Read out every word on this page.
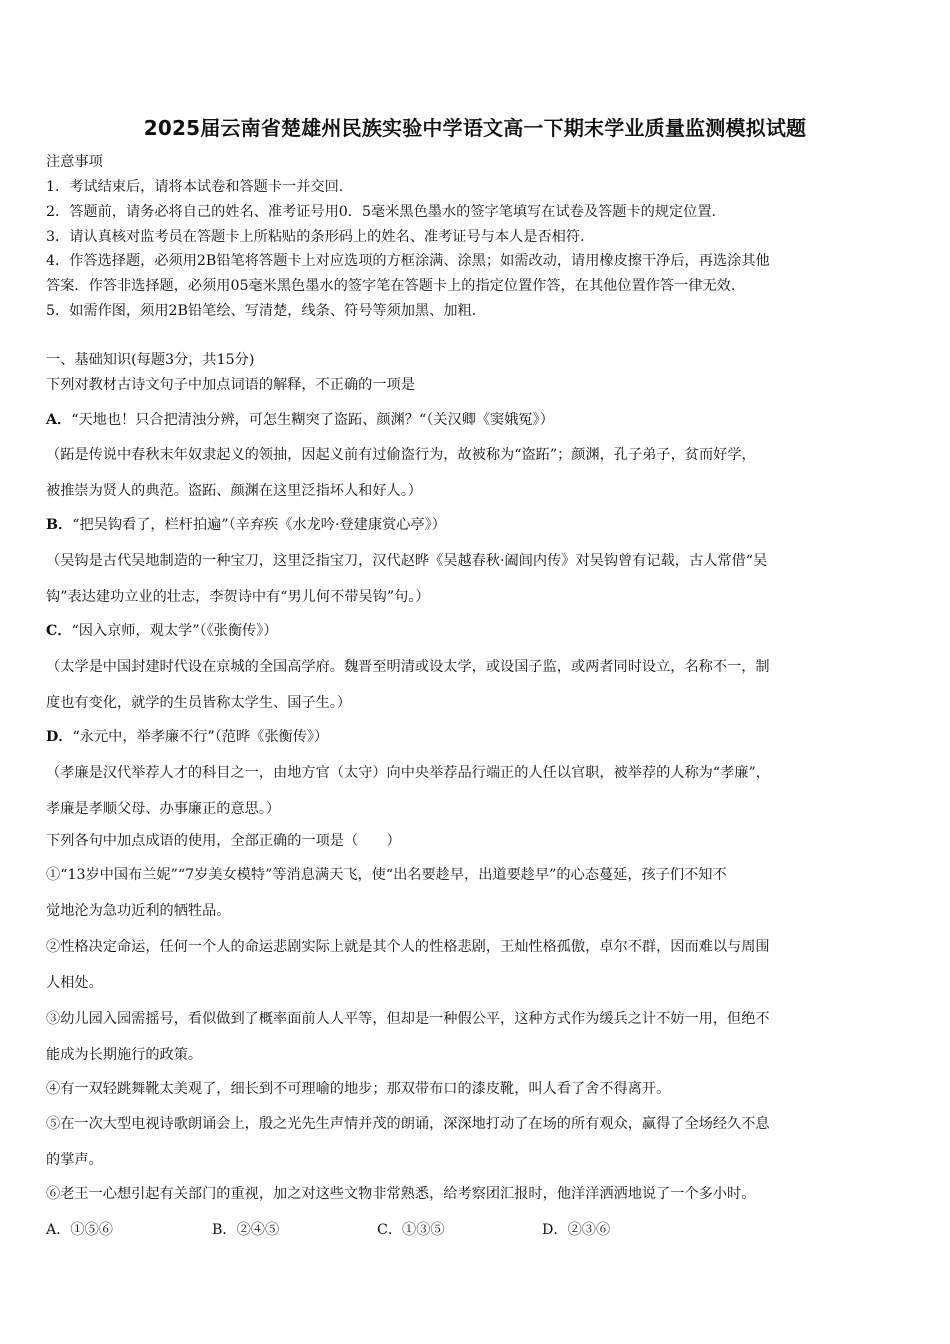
2025届云南省楚雄州民族实验中学语文高一下期末学业质量监测模拟试题
注意事项
1．考试结束后，请将本试卷和答题卡一并交回.
2．答题前，请务必将自己的姓名、准考证号用0．5毫米黑色墨水的签字笔填写在试卷及答题卡的规定位置.
3．请认真核对监考员在答题卡上所粘贴的条形码上的姓名、准考证号与本人是否相符.
4．作答选择题，必须用2B铅笔将答题卡上对应选项的方框涂满、涂黑；如需改动，请用橡皮擦干净后，再选涂其他
答案．作答非选择题，必须用05毫米黑色墨水的签字笔在答题卡上的指定位置作答，在其他位置作答一律无效.
5．如需作图，须用2B铅笔绘、写清楚，线条、符号等须加黑、加粗.
一、基础知识(每题3分，共15分)
下列对教材古诗文句子中加点词语的解释，不正确的一项是
A．“天地也！只合把清浊分辨，可怎生糊突了盗跖、颜渊？“（关汉卿《窦娥冤》）
（跖是传说中春秋末年奴隶起义的领抽，因起义前有过偷盗行为，故被称为“盗跖”；颜渊，孔子弟子，贫而好学，
被推崇为贤人的典范。盗跖、颜渊在这里泛指坏人和好人。）
B．“把吴钩看了，栏杆拍遍”（辛弃疾《水龙吟·登建康赏心亭》）
（吴钩是古代吴地制造的一种宝刀，这里泛指宝刀，汉代赵晔《吴越春秋·阖闾内传》对吴钩曾有记载，古人常借“吴
钩”表达建功立业的壮志，李贺诗中有“男儿何不带吴钩”句。）
C．“因入京师，观太学”（《张衡传》）
（太学是中国封建时代设在京城的全国高学府。魏晋至明清或设太学，或设国子监，或两者同时设立，名称不一，制
度也有变化，就学的生员皆称太学生、国子生。）
D．“永元中，举孝廉不行”（范晔《张衡传》）
（孝廉是汉代举荐人才的科目之一，由地方官（太守）向中央举荐品行端正的人任以官职，被举荐的人称为“孝廉”，
孝廉是孝顺父母、办事廉正的意思。）
下列各句中加点成语的使用，全部正确的一项是（　　）
①“13岁中国布兰妮”“7岁美女模特”等消息满天飞，使“出名要趁早，出道要趁早”的心态蔓延，孩子们不知不
觉地沦为急功近利的牺牲品。
②性格决定命运，任何一个人的命运悲剧实际上就是其个人的性格悲剧，王灿性格孤傲，卓尔不群，因而难以与周围
人相处。
③幼儿园入园需摇号，看似做到了概率面前人人平等，但却是一种假公平，这种方式作为缓兵之计不妨一用，但绝不
能成为长期施行的政策。
④有一双轻跳舞靴太美观了，细长到不可理喻的地步；那双带布口的漆皮靴，叫人看了舍不得离开。
⑤在一次大型电视诗歌朗诵会上，殷之光先生声情并茂的朗诵，深深地打动了在场的所有观众，赢得了全场经久不息
的掌声。
⑥老王一心想引起有关部门的重视，加之对这些文物非常熟悉，给考察团汇报时，他洋洋洒洒地说了一个多小时。
A．①⑤⑥	B．②④⑤	C．①③⑤	D．②③⑥
